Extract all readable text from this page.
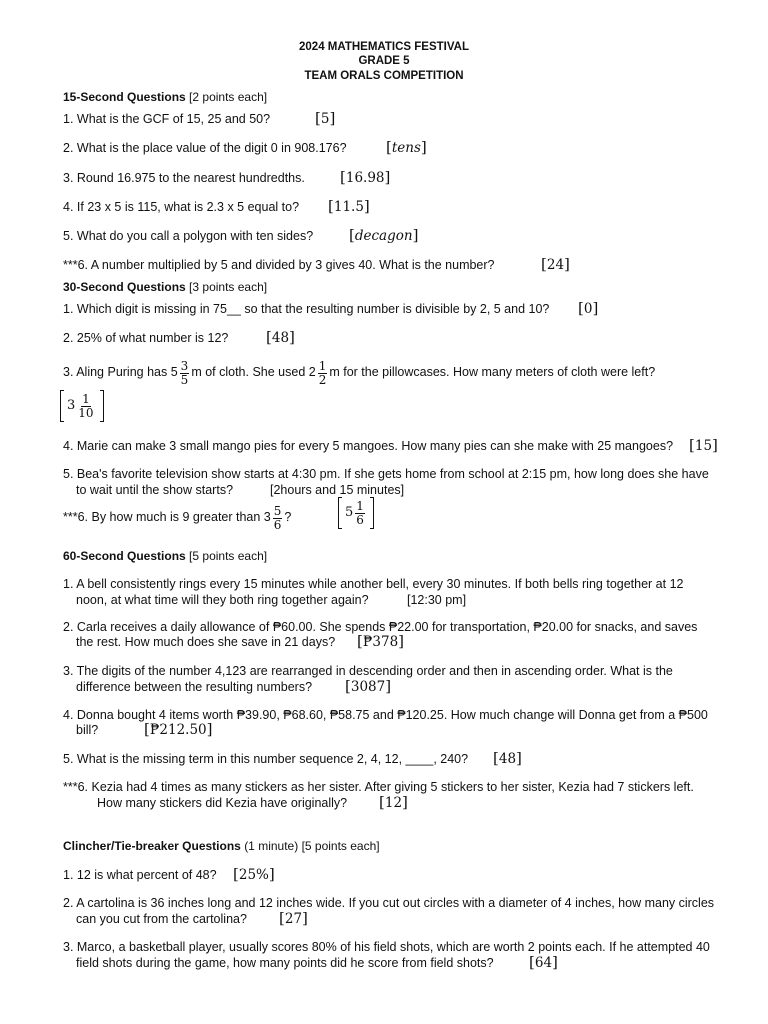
2024 MATHEMATICS FESTIVAL
GRADE 5
TEAM ORALS COMPETITION
15-Second Questions [2 points each]
1. What is the GCF of 15, 25 and 50?	[ 5 ]
2. What is the place value of the digit 0 in 908.176?	[ tens ]
3. Round 16.975 to the nearest hundredths.	[ 16.98 ]
4. If 23 x 5 is 115, what is 2.3 x 5 equal to?	[ 11.5 ]
5. What do you call a polygon with ten sides?	[ decagon ]
***6. A number multiplied by 5 and divided by 3 gives 40. What is the number?	[ 24 ]
30-Second Questions [3 points each]
1. Which digit is missing in 75__ so that the resulting number is divisible by 2, 5 and 10?	[ 0 ]
2. 25% of what number is 12?	[ 48 ]
3. Aling Puring has $5 \frac{3}{5}$ m of cloth. She used $2 \frac{1}{2}$ m for the pillowcases. How many meters of cloth were left?
$3 \frac{1}{10}$
4. Marie can make 3 small mango pies for every 5 mangoes. How many pies can she make with 25 mangoes?	[ 15 ]
5. Bea's favorite television show starts at 4:30 pm. If she gets home from school at 2:15 pm, how long does she have
to wait until the show starts?	[2hours and 15 minutes]
***6. By how much is 9 greater than $3 \frac{5}{6}$ ?	$5 \frac{1}{6}$
60-Second Questions [5 points each]
1. A bell consistently rings every 15 minutes while another bell, every 30 minutes. If both bells ring together at 12
noon, at what time will they both ring together again?	[12:30 pm]
2. Carla receives a daily allowance of ₱60.00. She spends ₱22.00 for transportation, ₱20.00 for snacks, and saves
the rest. How much does she save in 21 days?	[ ₱378 ]
3. The digits of the number 4,123 are rearranged in descending order and then in ascending order. What is the
difference between the resulting numbers?	[ 3087 ]
4. Donna bought 4 items worth ₱39.90, ₱68.60, ₱58.75 and ₱120.25. How much change will Donna get from a ₱500
bill?	[ ₱212.50 ]
5. What is the missing term in this number sequence 2, 4, 12, ____, 240?	[ 48 ]
***6. Kezia had 4 times as many stickers as her sister. After giving 5 stickers to her sister, Kezia had 7 stickers left.
How many stickers did Kezia have originally?	[ 12 ]
Clincher/Tie-breaker Questions (1 minute) [5 points each]
1. 12 is what percent of 48?	[ 25% ]
2. A cartolina is 36 inches long and 12 inches wide. If you cut out circles with a diameter of 4 inches, how many circles
can you cut from the cartolina?	[ 27 ]
3. Marco, a basketball player, usually scores 80% of his field shots, which are worth 2 points each. If he attempted 40
field shots during the game, how many points did he score from field shots?	[ 64 ]
